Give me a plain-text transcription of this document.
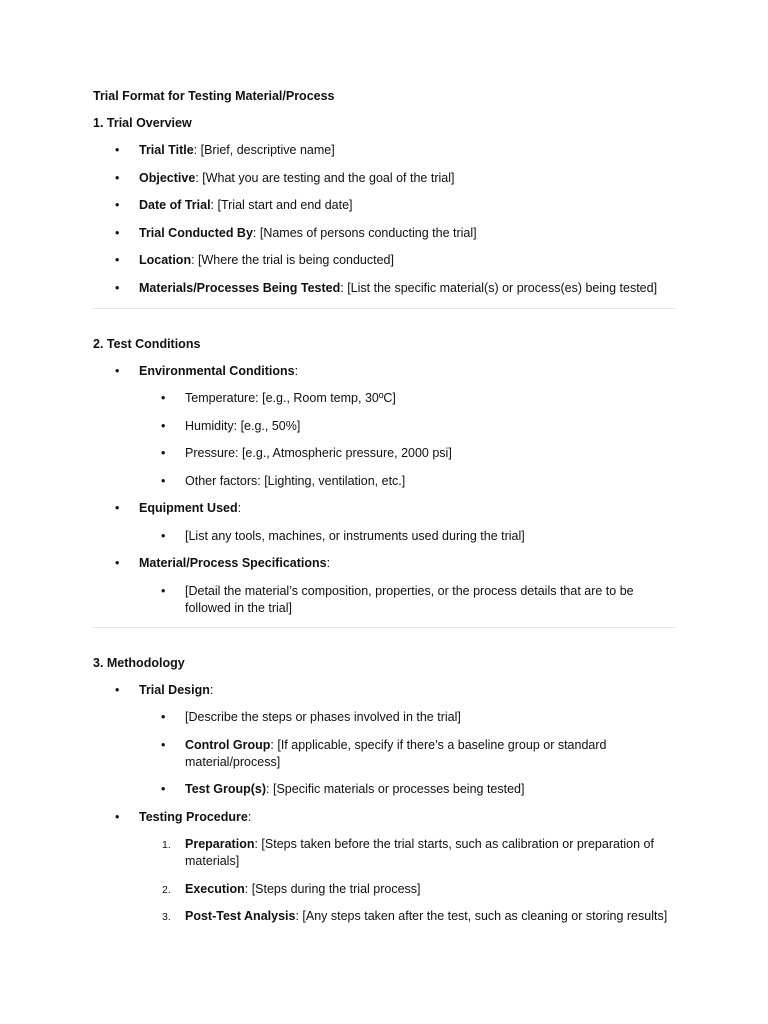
Trial Format for Testing Material/Process

1. Trial Overview

• Trial Title: [Brief, descriptive name]
• Objective: [What you are testing and the goal of the trial]
• Date of Trial: [Trial start and end date]
• Trial Conducted By: [Names of persons conducting the trial]
• Location: [Where the trial is being conducted]
• Materials/Processes Being Tested: [List the specific material(s) or process(es) being tested]

2. Test Conditions

• Environmental Conditions:
• Temperature: [e.g., Room temp, 30ºC]
• Humidity: [e.g., 50%]
• Pressure: [e.g., Atmospheric pressure, 2000 psi]
• Other factors: [Lighting, ventilation, etc.]
• Equipment Used:
• [List any tools, machines, or instruments used during the trial]
• Material/Process Specifications:
• [Detail the material’s composition, properties, or the process details that are to be followed in the trial]

3. Methodology

• Trial Design:
• [Describe the steps or phases involved in the trial]
• Control Group: [If applicable, specify if there’s a baseline group or standard material/process]
• Test Group(s): [Specific materials or processes being tested]
• Testing Procedure:
1. Preparation: [Steps taken before the trial starts, such as calibration or preparation of materials]
2. Execution: [Steps during the trial process]
3. Post-Test Analysis: [Any steps taken after the test, such as cleaning or storing results]
